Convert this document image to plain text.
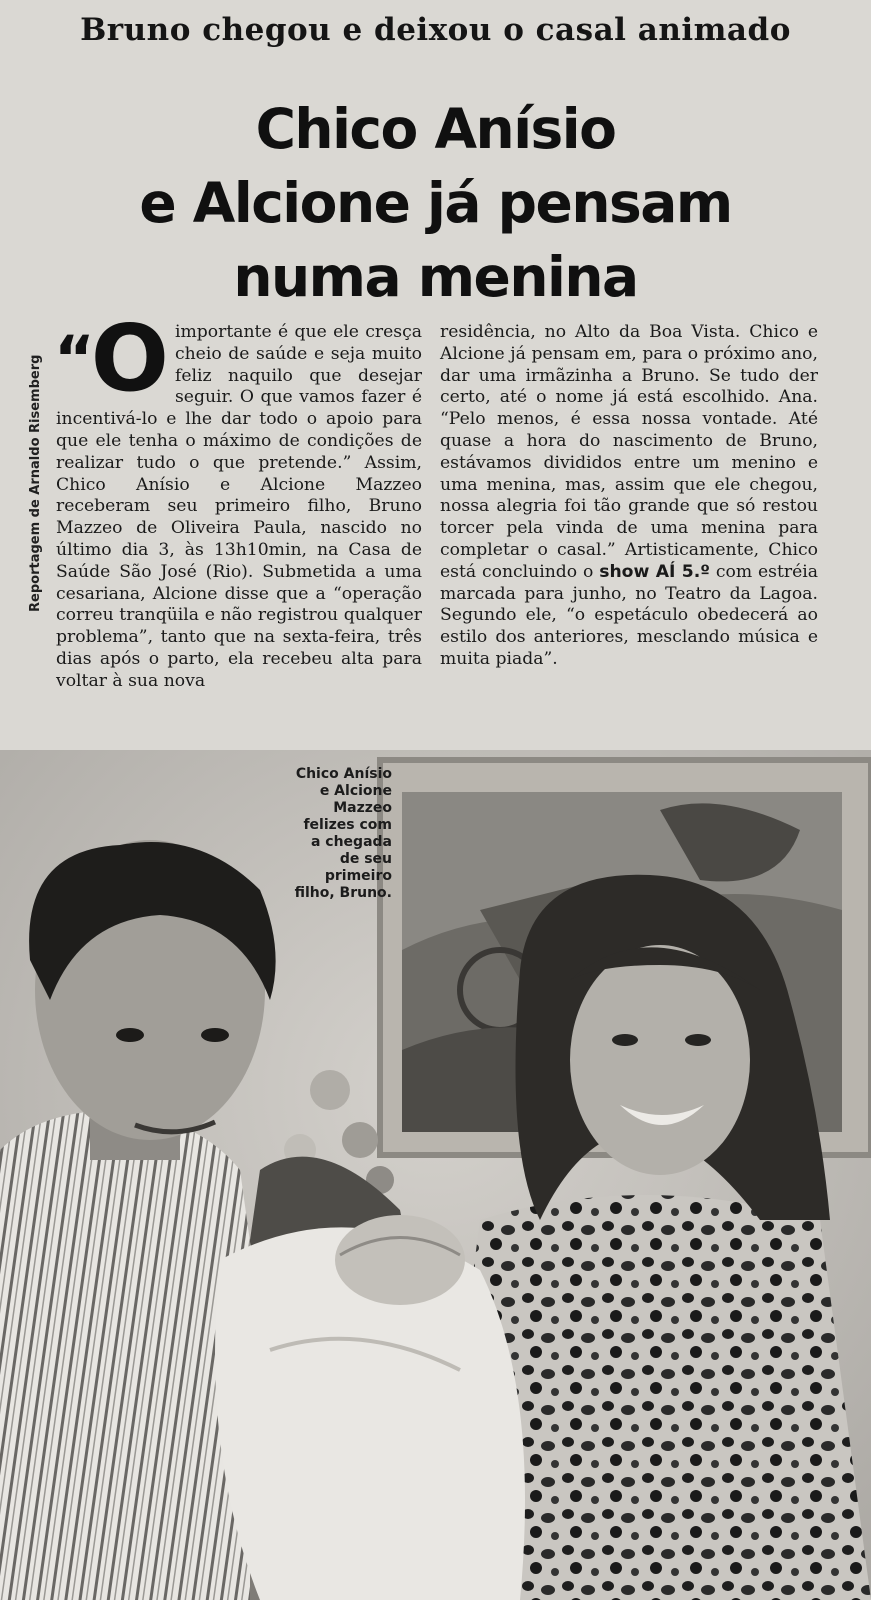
Bruno chegou e deixou o casal animado
Chico Anísio
e Alcione já pensam
numa menina
Reportagem de Arnaldo Risemberg “O importante é que ele cresça cheio de saúde e seja muito feliz naquilo que desejar seguir. O que vamos fazer é incentivá-lo e lhe dar todo o apoio para que ele tenha o máximo de condições de realizar tudo o que pretende.” Assim, Chico Anísio e Alcione Mazzeo receberam seu primeiro filho, Bruno Mazzeo de Oliveira Paula, nascido no último dia 3, às 13h10min, na Casa de Saúde São José (Rio). Submetida a uma cesariana, Alcione disse que a “operação correu tranqüila e não registrou qualquer problema”, tanto que na sexta-feira, três dias após o parto, ela recebeu alta para voltar à sua nova

residência, no Alto da Boa Vista. Chico e Alcione já pensam em, para o próximo ano, dar uma irmãzinha a Bruno. Se tudo der certo, até o nome já está escolhido. Ana. “Pelo menos, é essa nossa vontade. Até quase a hora do nascimento de Bruno, estávamos divididos entre um menino e uma menina, mas, assim que ele chegou, nossa alegria foi tão grande que só restou torcer pela vinda de uma menina para completar o casal.” Artisticamente, Chico está concluindo o show AÍ 5.º com estréia marcada para junho, no Teatro da Lagoa. Segundo ele, “o espetáculo obedecerá ao estilo dos anteriores, mesclando música e muita piada”.

Chico Anísio
e Alcione
Mazzeo
felizes com
a chegada
de seu
primeiro
filho, Bruno.
